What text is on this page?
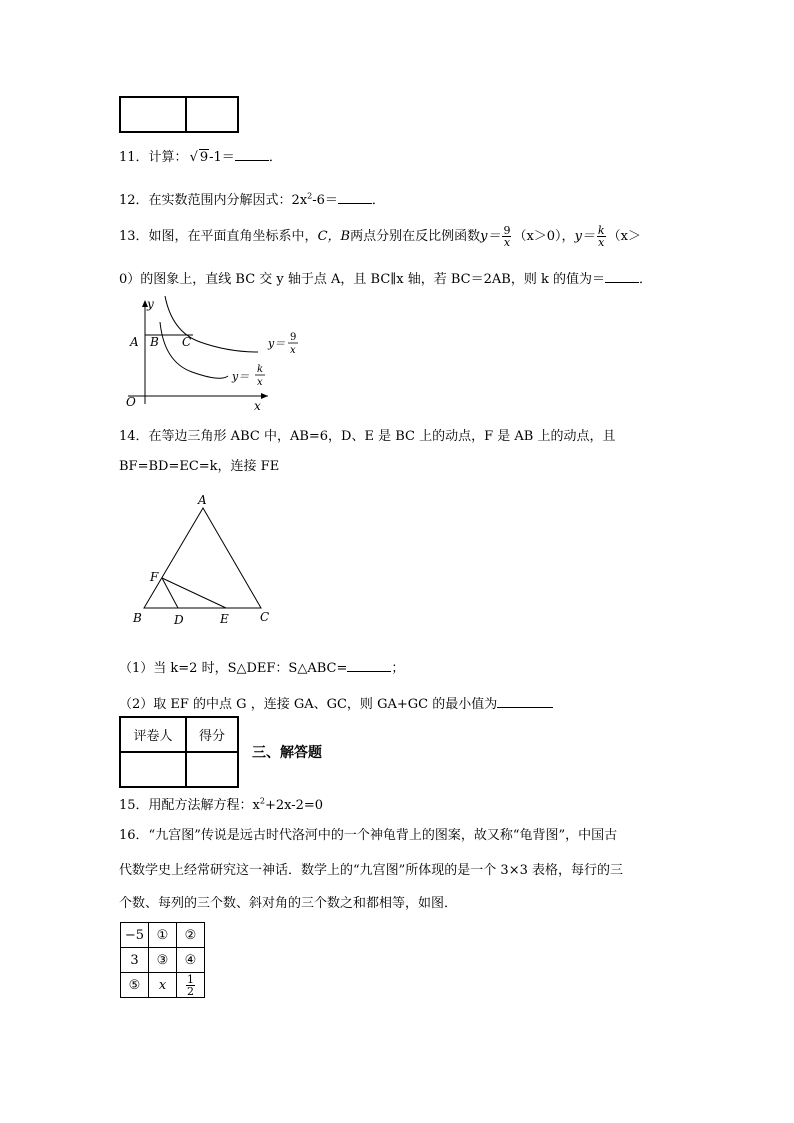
11．计算： √ 9-1＝	．
12．在实数范围内分解因式：$2x^2-6=$	．
13．如图，在平面直角坐标系中，C，B两点分别在反比例函数$y= \frac{9}{x} (x>0)$，$y= \frac{k}{x} (x>$
0）的图象上，直线 BC 交 y 轴于点 A，且 BC∥x 轴，若 BC＝2AB，则 k 的值为＝	．
y
x
O
A B C	y＝ 9
x
y＝
k
x
14．在等边三角形 ABC 中，AB=6，D、E 是 BC 上的动点，F 是 AB 上的动点，且
BF=BD=EC=k，连接 FE
A
B	C
D	E
F
（1）当 k=2 时，S△DEF：S△ABC=	；
（2）取 EF 的中点 G ，连接 GA、GC，则 GA+GC 的最小值为
评卷人	得分

三、解答题
15．用配方法解方程：$x^2+2x-2=0$
16．“九宫图”传说是远古时代洛河中的一个神龟背上的图案，故又称“龟背图”，中国古
代数学史上经常研究这一神话．数学上的“九宫图”所体现的是一个 3×3 表格，每行的三
个数、每列的三个数、斜对角的三个数之和都相等，如图．
−5	①	②
3	③	④
⑤	x	$\frac{1}{2}$
